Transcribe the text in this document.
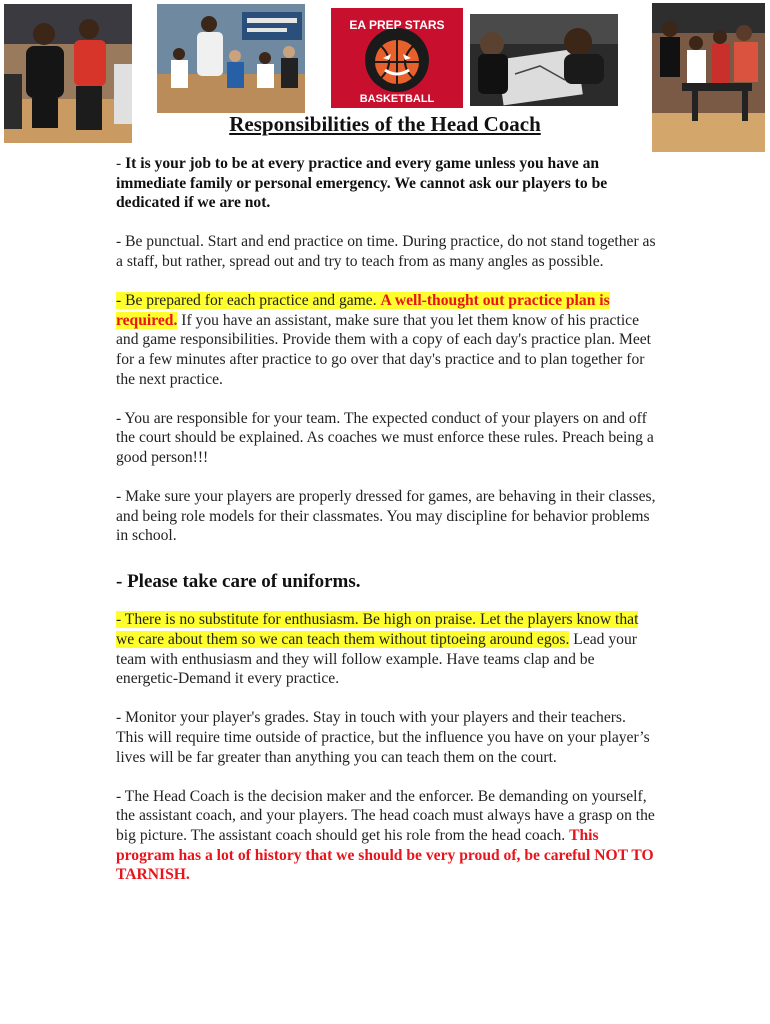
EA PREP STARS
BASKETBALL
Responsibilities of the Head Coach

- It is your job to be at every practice and every game unless you have an immediate family or personal emergency. We cannot ask our players to be dedicated if we are not.

- Be punctual. Start and end practice on time. During practice, do not stand together as a staff, but rather, spread out and try to teach from as many angles as possible.

- Be prepared for each practice and game. A well-thought out practice plan is required. If you have an assistant, make sure that you let them know of his practice and game responsibilities. Provide them with a copy of each day's practice plan. Meet for a few minutes after practice to go over that day's practice and to plan together for the next practice.

- You are responsible for your team. The expected conduct of your players on and off the court should be explained. As coaches we must enforce these rules. Preach being a good person!!!

- Make sure your players are properly dressed for games, are behaving in their classes, and being role models for their classmates. You may discipline for behavior problems in school.

- Please take care of uniforms.

- There is no substitute for enthusiasm. Be high on praise. Let the players know that we care about them so we can teach them without tiptoeing around egos. Lead your team with enthusiasm and they will follow example. Have teams clap and be energetic-Demand it every practice.

- Monitor your player's grades. Stay in touch with your players and their teachers. This will require time outside of practice, but the influence you have on your player’s lives will be far greater than anything you can teach them on the court.

- The Head Coach is the decision maker and the enforcer. Be demanding on yourself, the assistant coach, and your players. The head coach must always have a grasp on the big picture. The assistant coach should get his role from the head coach. This program has a lot of history that we should be very proud of, be careful NOT TO TARNISH.
